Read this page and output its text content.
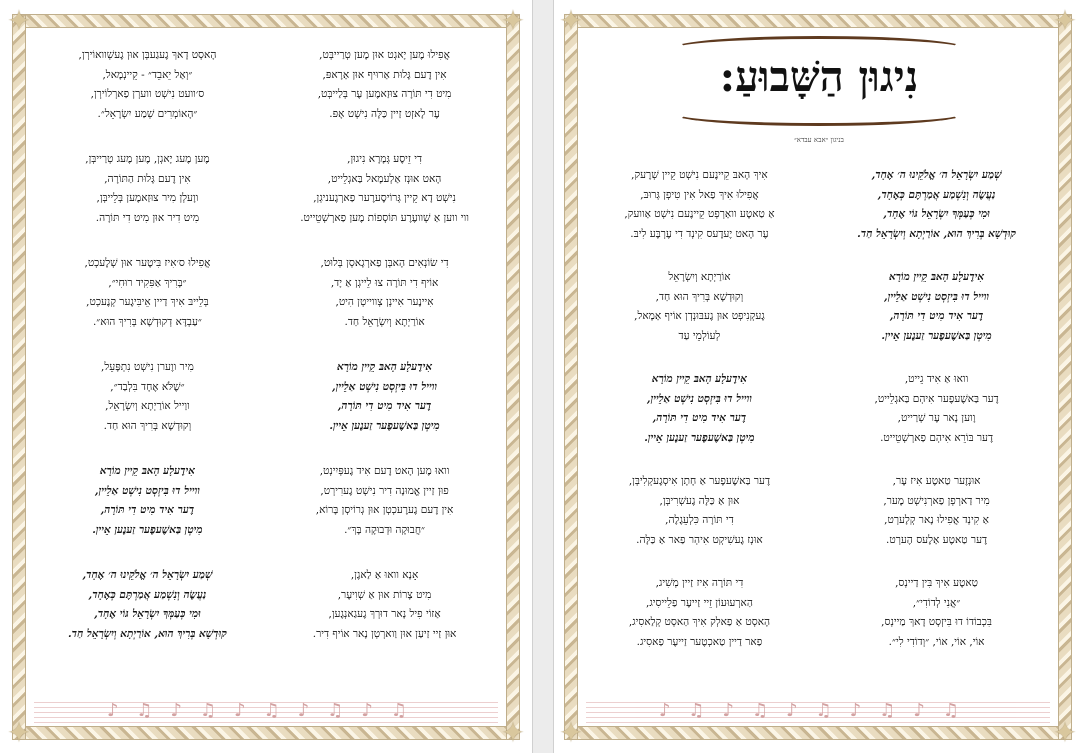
✦	✦
✦	✦
♪♫♪♫♪♫♪♫♪♫
אֲפִילוּ מֶען יָאגְט אוּן מֶען טְרַייבְּט,
אִין דֶעם גָּלוּת אַרוּיף אוּן אַרָאפּ,
מִיט דִי תּוֹרָה צוּזַאמֶען עֶר בְּלַייבְּט,
עֶר לָאזְט זַיין כַּלָּה נִישְׁט אָפּ.
דִי זֵיסֶע גְּמָרָא נִיגוּן,
הָאט אוּנְז אַלְעמָאל בַּאגְלֵייט,
נִישְׁט דָא קֵיין גְּרוֹיסֶערֶער פַארְגֶעניגְן,
ווי ווען אַ שְׁוועֶרֶע תּוֹסְפוֹת מֶען פַארְשְׁטֵייט.
דִי שׂוֹנְאִים הָאבְּן פַארְגָאסְן בְּלוּט,
אוֹיף דִי תּוֹרָה צוּ לֵייגְן אַ יָד,
אִיינֶער אִיינְן צְווייטְן הִיט,
אוֹרַיְתָא וְיִשְׂרָאֵל חַד.
אִידֶעלָע הָאבּ קֵיין מוֹרָא
ווייל דוּ בִּיזְסְט נִישְׁט אַלֵיין,
דֶער אִיד מִיט דִי תּוֹרָה,
מִיטְן בַּאשֶׁעפֶער זַענֶען אֵיין.
וואוּ מֶען הָאט דֶעם אִיד גֶעפְּיִינְט,
פוּן זַיין אֱמוּנָה דִיר נִישְׁט גֶערִירְט,
אִין דֶעם גֶערֶעכְטְן אוּן גְרוֹיסְן בָּרוֹא,
״חֲבוּקָה וּדְבוּקָה בָּךְ״.
אָנָא וואוּ אַ לַאגֶן,
מִיט צָרוֹת אוּן אַ שְׁוִיעֶר,
אַזוֹי פִיל נָאר דוּרְךְ גֶעגַאנְגֶען,
אוּן זַיי זַיעַן אוּן וַוארְטְן נָאר אוֹיף דִיר.
הָאסְט דָאךְ גֶעגַעבְּן אוּן גֶעשְׁוואוֹירְן,
״וְאַל יֵאבֵד״ - קֵיינְמָאל,
ס׳וועט נִישְׁט ווערְן פַארְלוֹירְן,
״הָאוֹמְרִים שְׁמַע יִשְׂרָאֵל״.
מֶען מֶעג יָאגְן, מֶען מֶעג טְרַייבְּן,
אִין דֶעם גָּלוּת הַתּוֹרָה,
ווָעלְן מִיר צוּזַאמֶען בְּלֵייבְּן,
מִיט דִיר אוּן מִיט דִי תּוֹרָה.
אֲפִילוּ ס׳אִיז בִּיטֶער אוּן שְׁלֶעכְט,
״בָּרִיךְ אַפִּקִיד רוּחִי״,
בְּלֵייבּ אִיךְ דַיין אֵיבִּיגֶער קְנֶעכְט,
״עַבְדָּא דְקוּדְשָׁא בְּרִיךְ הוּא״.
מִיר ווֶערן נִישְׁט נִתְפָּעֵל,
״שֶׁלֹּא אֶחָד בִּלְבַד״,
ווַייל אוֹרַיְתָא וְיִשְׂרָאֵל,
וְקוּדְשָׁא בְּרִיךְ הוּא חַד.
אִידֶעלָע הָאבּ קֵיין מוֹרָא
ווייל דוּ בִּיזְסְט נִישְׁט אַלֵיין,
דֶער אִיד מִיט דִי תּוֹרָה,
מִיטְן בַּאשֶׁעפֶער זַענֶען אֵיין.
שְׁמַע יִשְׂרָאֵל ה׳ אֱלֹקֵינוּ ה׳ אֶחָד,
נַעֲשֶׂה וְנִשְׁמַע אֲמַרְתֶּם כְּאֶחָד,
וּמִי כְּעַמְּךָ יִשְׂרָאֵל גּוֹי אֶחָד,
קוּדְשָׁא בְּרִיךְ הוּא, אוֹרַיְתָא וְיִשְׂרָאֵל חַד.
✦	✦
✦	✦
נִיגוּן הַשָּׁבוּעַ:
בניגון ״אבא עבדא״
♪♫♪♫♪♫♪♫♪♫
שְׁמַע יִשְׂרָאֵל ה׳ אֱלֹקֵינוּ ה׳ אֶחָד,
נַעֲשֶׂה וְנִשְׁמַע אֲמַרְתֶּם כְּאֶחָד,
וּמִי כְּעַמְּךָ יִשְׂרָאֵל גּוֹי אֶחָד,
קוּדְשָׁא בְּרִיךְ הוּא, אוֹרַיְתָא וְיִשְׂרָאֵל חַד.
אִידֶעלָע הָאבּ קֵיין מוֹרָא
ווייל דוּ בִּיזְסְט נִישְׁט אַלֵיין,
דֶער אִיד מִיט דִי תּוֹרָה,
מִיטְן בַּאשֶׁעפֶער זַענֶען אֵיין.
וואוּ אַ אִיד גֵייט,
דֶער בַּאשֶׁעפֶער אִיהְם בַּאגְלֵייט,
וָוען נָאר עֶר שְׁרַייט,
דֶער בּוֹרֵא אִיהְם פַארְשְׁטֵייט.
אוּנְזֶער טַאטֶע אִיז עֶר,
מִיר דַארְפְן פַארְנִישְׁט מֶער,
אַ קִינְד אֲפִילוּ נָאר קְלָערְט,
דֶער טַאטֶע אַלֶעס הֶערְט.
טַאטֶע אִיךְ בִּין דַיינְס,
״אֲנִי לְדוֹדִי״,
בִּכְבוֹדוֹ דוּ בִּיזְסְט דָאךְ מַיינְס,
אוֹי, אוֹי, אוֹי, ״וְדוֹדִי לִי״.
אִיךְ הָאבּ קֵיינֶעם נִישְׁט קֵיין שְׁרֶעק,
אֲפִילוּ אִיךְ פַאל אִין טִיפְן גְּרוּבּ,
אַ טַאטֶע וואַרְפְט קֵיינֶעם נִישְׁט אַוועק,
עֶר הָאט יֶעדֶעס קִינְד דִי עֶרְבֶּע לִיבּ.
אוֹרַיְתָא וְיִשְׂרָאֵל
וְקוּדְשָׁא בְּרִיךְ הוּא חַד,
גֶעקְנִיפְט אוּן גֶעבּוּנְדְן אוֹיף אַמָאל,
לְעוֹלְמֵי עַד
אִידֶעלָע הָאבּ קֵיין מוֹרָא
ווייל דוּ בִּיזְסְט נִישְׁט אַלֵיין,
דֶער אִיד מִיט דִי תּוֹרָה,
מִיטְן בַּאשֶׁעפֶער זַענֶען אֵיין.
דֶער בַּאשֶׁעפֶער אַ חָתָן אִיסְגֶעקְלִיבְּן,
אוּן אַ כַּלָּה גֶעשְׁרִיבְּן,
דִי תּוֹרָה כִּלְעֵגֶלֶה,
אוּנְז גֶעשִׁיקְט אִיהְר פַאר אַ כַּלָּה.
דִי תּוֹרָה אִיז זַיין מְשִׁיג,
הַארְעוּעוֹן זֵיי זַייעֶר פַלֵייסִיג,
הָאסְט אַ פַאלְק אִיךְ הַאסְט קְלַאסִיג,
פַאר דַיין טַאכְטֶער זַייעֶר פַאסִיג.
